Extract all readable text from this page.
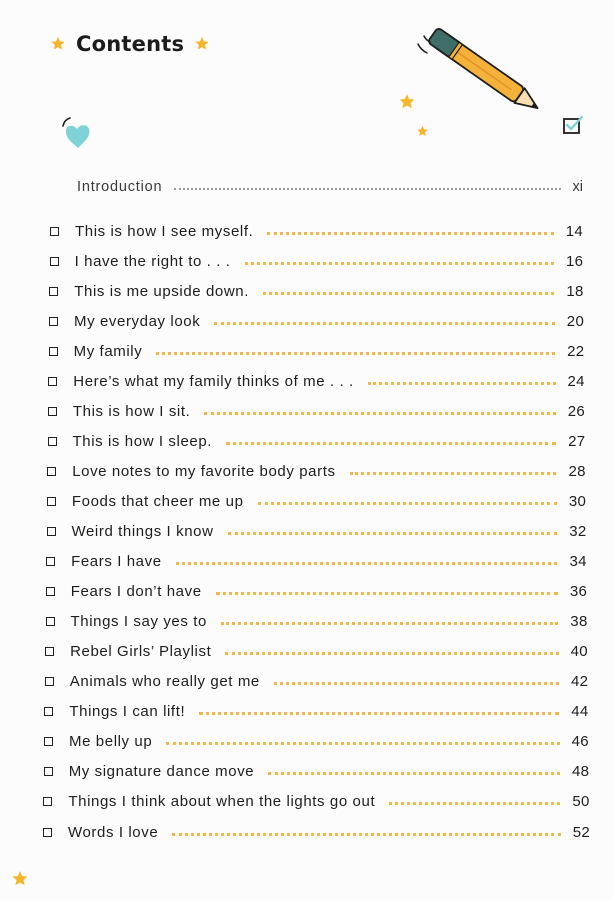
Contents
Introduction	xi
This is how I see myself.	14
I have the right to . . .	16
This is me upside down.	18
My everyday look	20
My family	22
Here’s what my family thinks of me . . .	24
This is how I sit.	26
This is how I sleep.	27
Love notes to my favorite body parts	28
Foods that cheer me up	30
Weird things I know	32
Fears I have	34
Fears I don’t have	36
Things I say yes to	38
Rebel Girls’ Playlist	40
Animals who really get me	42
Things I can lift!	44
Me belly up	46
My signature dance move	48
Things I think about when the lights go out	50
Words I love	52
